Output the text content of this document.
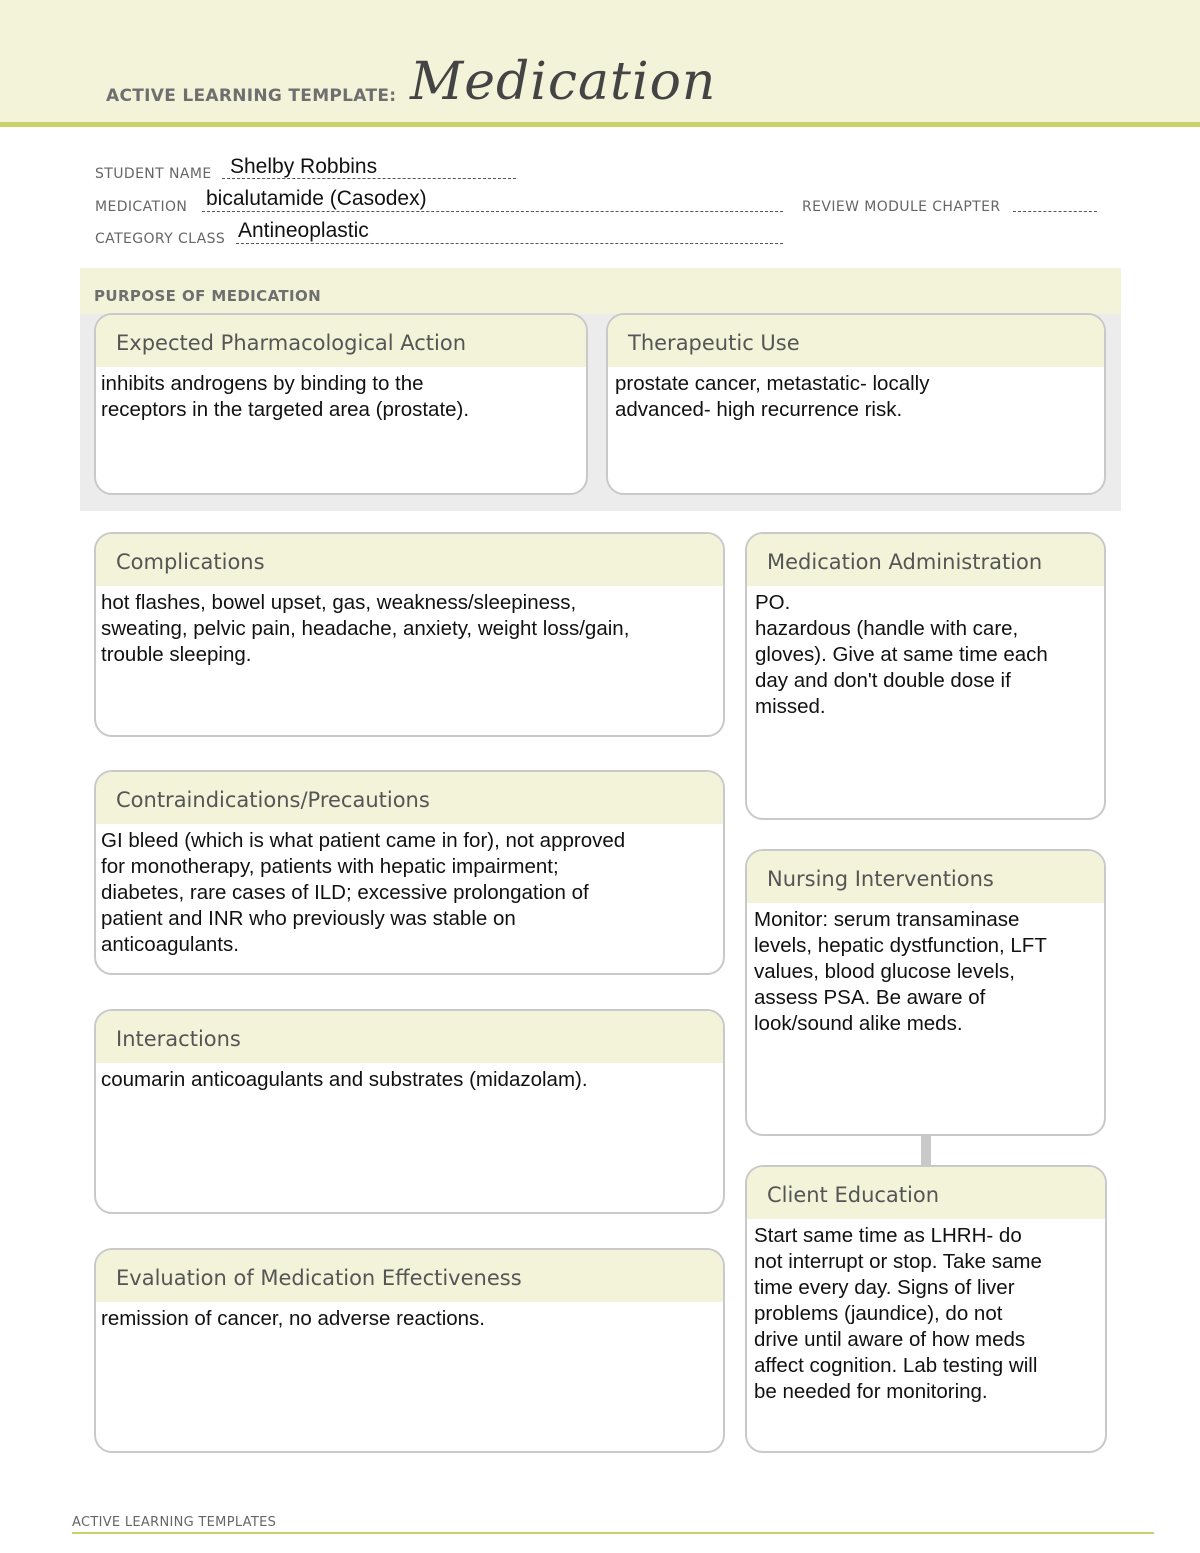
ACTIVE LEARNING TEMPLATE: Medication
STUDENT NAME Shelby Robbins
MEDICATION bicalutamide (Casodex)	REVIEW MODULE CHAPTER
CATEGORY CLASS Antineoplastic
PURPOSE OF MEDICATION
Expected Pharmacological Action
inhibits androgens by binding to the
receptors in the targeted area (prostate).
Therapeutic Use
prostate cancer, metastatic- locally
advanced- high recurrence risk.
Complications
hot flashes, bowel upset, gas, weakness/sleepiness,
sweating, pelvic pain, headache, anxiety, weight loss/gain,
trouble sleeping.
Contraindications/Precautions
GI bleed (which is what patient came in for), not approved
for monotherapy, patients with hepatic impairment;
diabetes, rare cases of ILD; excessive prolongation of
patient and INR who previously was stable on
anticoagulants.
Interactions
coumarin anticoagulants and substrates (midazolam).
Evaluation of Medication Effectiveness
remission of cancer, no adverse reactions.
Medication Administration
PO.
hazardous (handle with care,
gloves). Give at same time each
day and don't double dose if
missed.
Nursing Interventions
Monitor: serum transaminase
levels, hepatic dystfunction, LFT
values, blood glucose levels,
assess PSA. Be aware of
look/sound alike meds.
Client Education
Start same time as LHRH- do
not interrupt or stop. Take same
time every day. Signs of liver
problems (jaundice), do not
drive until aware of how meds
affect cognition. Lab testing will
be needed for monitoring.
ACTIVE LEARNING TEMPLATES
